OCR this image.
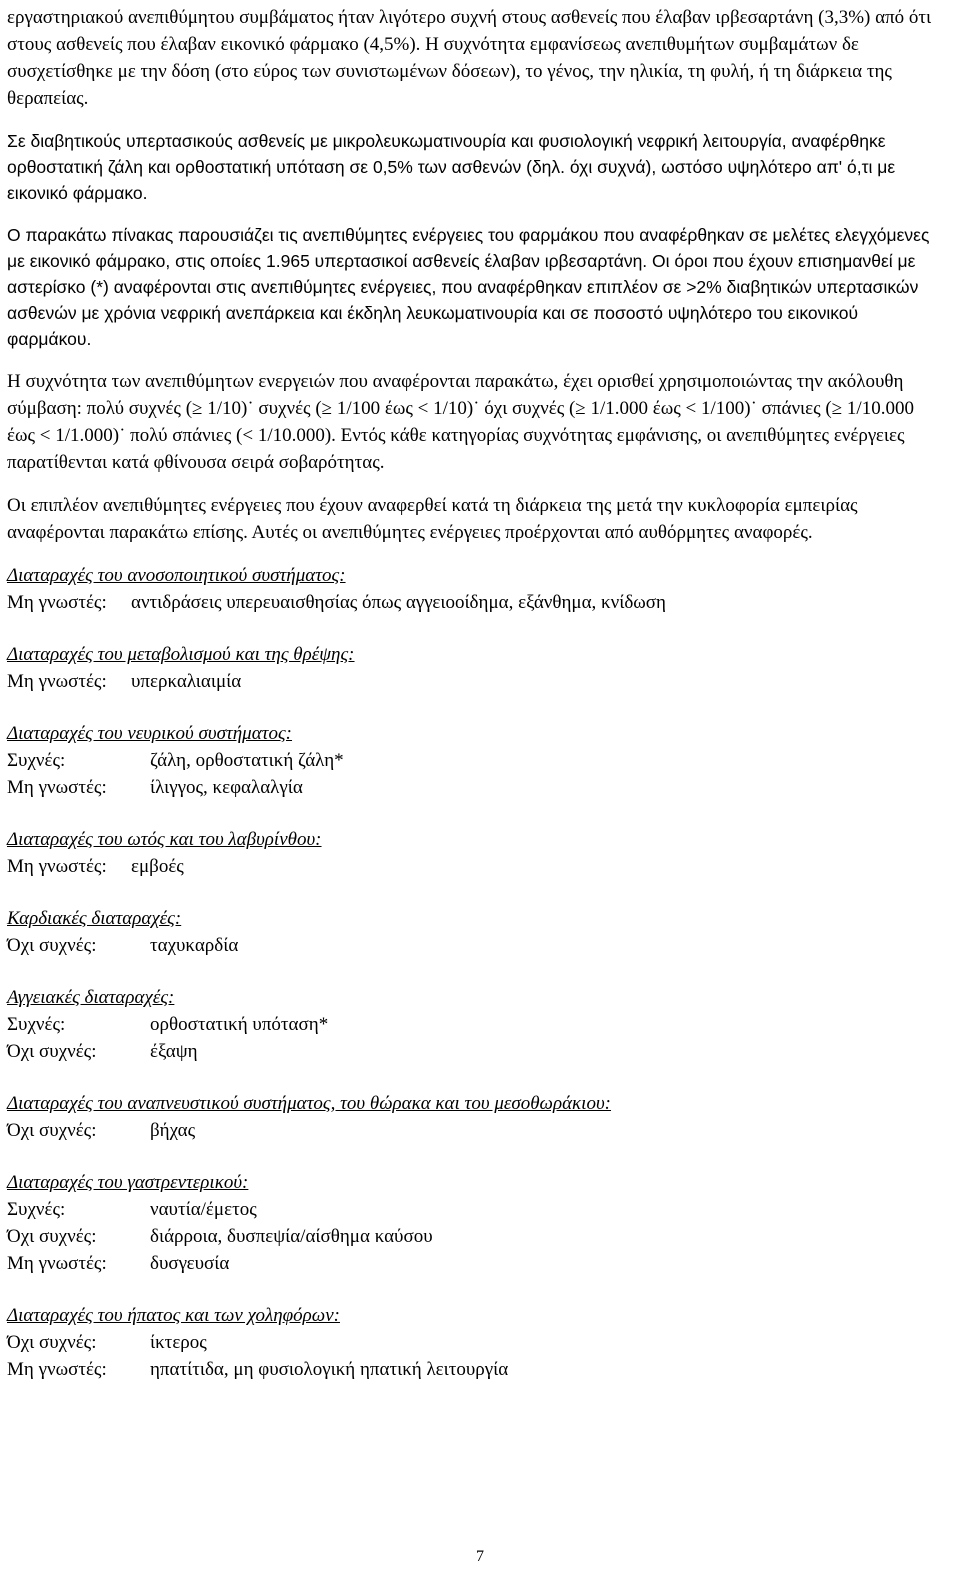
εργαστηριακού ανεπιθύμητου συμβάματος ήταν λιγότερο συχνή στους ασθενείς που έλαβαν ιρβεσαρτάνη (3,3%) από ότι στους ασθενείς που έλαβαν εικονικό φάρμακο (4,5%). Η συχνότητα εμφανίσεως ανεπιθυμήτων συμβαμάτων δε συσχετίσθηκε με την δόση (στο εύρος των συνιστωμένων δόσεων), το γένος, την ηλικία, τη φυλή, ή τη διάρκεια της θεραπείας.

Σε διαβητικούς υπερτασικούς ασθενείς με μικρολευκωματινουρία και φυσιολογική νεφρική λειτουργία, αναφέρθηκε ορθοστατική ζάλη και ορθοστατική υπόταση σε 0,5% των ασθενών (δηλ. όχι συχνά), ωστόσο υψηλότερο απ' ό,τι με εικονικό φάρμακο.

Ο παρακάτω πίνακας παρουσιάζει τις ανεπιθύμητες ενέργειες του φαρμάκου που αναφέρθηκαν σε μελέτες ελεγχόμενες με εικονικό φάμρακο, στις οποίες 1.965 υπερτασικοί ασθενείς έλαβαν ιρβεσαρτάνη. Οι όροι που έχουν επισημανθεί με αστερίσκο (*) αναφέρονται στις ανεπιθύμητες ενέργειες, που αναφέρθηκαν επιπλέον σε >2% διαβητικών υπερτασικών ασθενών με χρόνια νεφρική ανεπάρκεια και έκδηλη λευκωματινουρία και σε ποσοστό υψηλότερο του εικονικού φαρμάκου.

Η συχνότητα των ανεπιθύμητων ενεργειών που αναφέρονται παρακάτω, έχει ορισθεί χρησιμοποιώντας την ακόλουθη σύμβαση: πολύ συχνές (≥ 1/10)˙ συχνές (≥ 1/100 έως < 1/10)˙ όχι συχνές (≥ 1/1.000 έως < 1/100)˙ σπάνιες (≥ 1/10.000 έως < 1/1.000)˙ πολύ σπάνιες (< 1/10.000). Εντός κάθε κατηγορίας συχνότητας εμφάνισης, οι ανεπιθύμητες ενέργειες παρατίθενται κατά φθίνουσα σειρά σοβαρότητας.

Οι επιπλέον ανεπιθύμητες ενέργειες που έχουν αναφερθεί κατά τη διάρκεια της μετά την κυκλοφορία εμπειρίας αναφέρονται παρακάτω επίσης. Αυτές οι ανεπιθύμητες ενέργειες προέρχονται από αυθόρμητες αναφορές.

Διαταραχές του ανοσοποιητικού συστήματος:

Μη γνωστές:	αντιδράσεις υπερευαισθησίας όπως αγγειοοίδημα, εξάνθημα, κνίδωση

Διαταραχές του μεταβολισμού και της θρέψης:

Μη γνωστές:	υπερκαλιαιμία

Διαταραχές του νευρικού συστήματος:

Συχνές:	ζάλη, ορθοστατική ζάλη*
Μη γνωστές:	ίλιγγος, κεφαλαλγία

Διαταραχές του ωτός και του λαβυρίνθου:

Μη γνωστές:	εμβοές

Καρδιακές διαταραχές:

Όχι συχνές:	ταχυκαρδία

Αγγειακές διαταραχές:

Συχνές:	ορθοστατική υπόταση*
Όχι συχνές:	έξαψη

Διαταραχές του αναπνευστικού συστήματος, του θώρακα και του μεσοθωράκιου:

Όχι συχνές:	βήχας

Διαταραχές του γαστρεντερικού:

Συχνές:	ναυτία/έμετος
Όχι συχνές:	διάρροια, δυσπεψία/αίσθημα καύσου
Μη γνωστές:	δυσγευσία

Διαταραχές του ήπατος και των χοληφόρων:

Όχι συχνές:	ίκτερος
Μη γνωστές:	ηπατίτιδα, μη φυσιολογική ηπατική λειτουργία
7
